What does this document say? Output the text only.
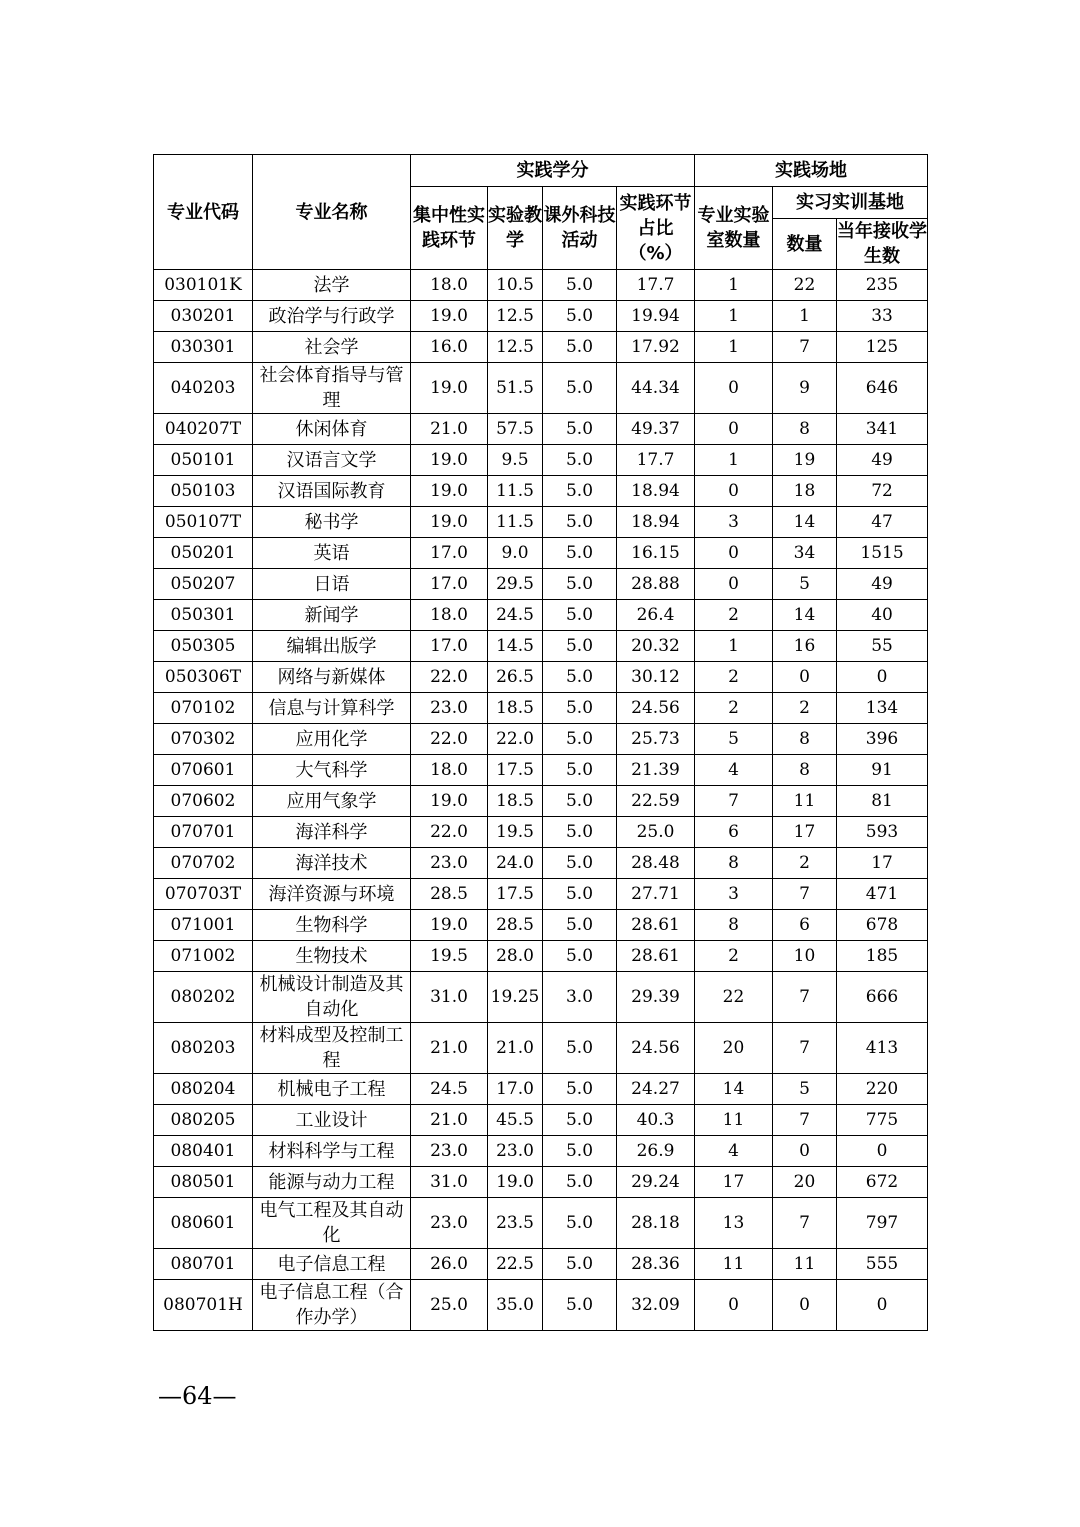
专业代码	专业名称	实践学分				实践场地		
		集中性实践环节	实验教学	课外科技活动	实践环节占比（%）	专业实验室数量	实习实训基地	
							数量	当年接收学生数

030101K	法学	18.0	10.5	5.0	17.7	1	22	235
030201	政治学与行政学	19.0	12.5	5.0	19.94	1	1	33
030301	社会学	16.0	12.5	5.0	17.92	1	7	125
040203	社会体育指导与管理	19.0	51.5	5.0	44.34	0	9	646
040207T	休闲体育	21.0	57.5	5.0	49.37	0	8	341
050101	汉语言文学	19.0	9.5	5.0	17.7	1	19	49
050103	汉语国际教育	19.0	11.5	5.0	18.94	0	18	72
050107T	秘书学	19.0	11.5	5.0	18.94	3	14	47
050201	英语	17.0	9.0	5.0	16.15	0	34	1515
050207	日语	17.0	29.5	5.0	28.88	0	5	49
050301	新闻学	18.0	24.5	5.0	26.4	2	14	40
050305	编辑出版学	17.0	14.5	5.0	20.32	1	16	55
050306T	网络与新媒体	22.0	26.5	5.0	30.12	2	0	0
070102	信息与计算科学	23.0	18.5	5.0	24.56	2	2	134
070302	应用化学	22.0	22.0	5.0	25.73	5	8	396
070601	大气科学	18.0	17.5	5.0	21.39	4	8	91
070602	应用气象学	19.0	18.5	5.0	22.59	7	11	81
070701	海洋科学	22.0	19.5	5.0	25.0	6	17	593
070702	海洋技术	23.0	24.0	5.0	28.48	8	2	17
070703T	海洋资源与环境	28.5	17.5	5.0	27.71	3	7	471
071001	生物科学	19.0	28.5	5.0	28.61	8	6	678
071002	生物技术	19.5	28.0	5.0	28.61	2	10	185
080202	机械设计制造及其自动化	31.0	19.25	3.0	29.39	22	7	666
080203	材料成型及控制工程	21.0	21.0	5.0	24.56	20	7	413
080204	机械电子工程	24.5	17.0	5.0	24.27	14	5	220
080205	工业设计	21.0	45.5	5.0	40.3	11	7	775
080401	材料科学与工程	23.0	23.0	5.0	26.9	4	0	0
080501	能源与动力工程	31.0	19.0	5.0	29.24	17	20	672
080601	电气工程及其自动化	23.0	23.5	5.0	28.18	13	7	797
080701	电子信息工程	26.0	22.5	5.0	28.36	11	11	555
080701H	电子信息工程（合作办学）	25.0	35.0	5.0	32.09	0	0	0
—64—
